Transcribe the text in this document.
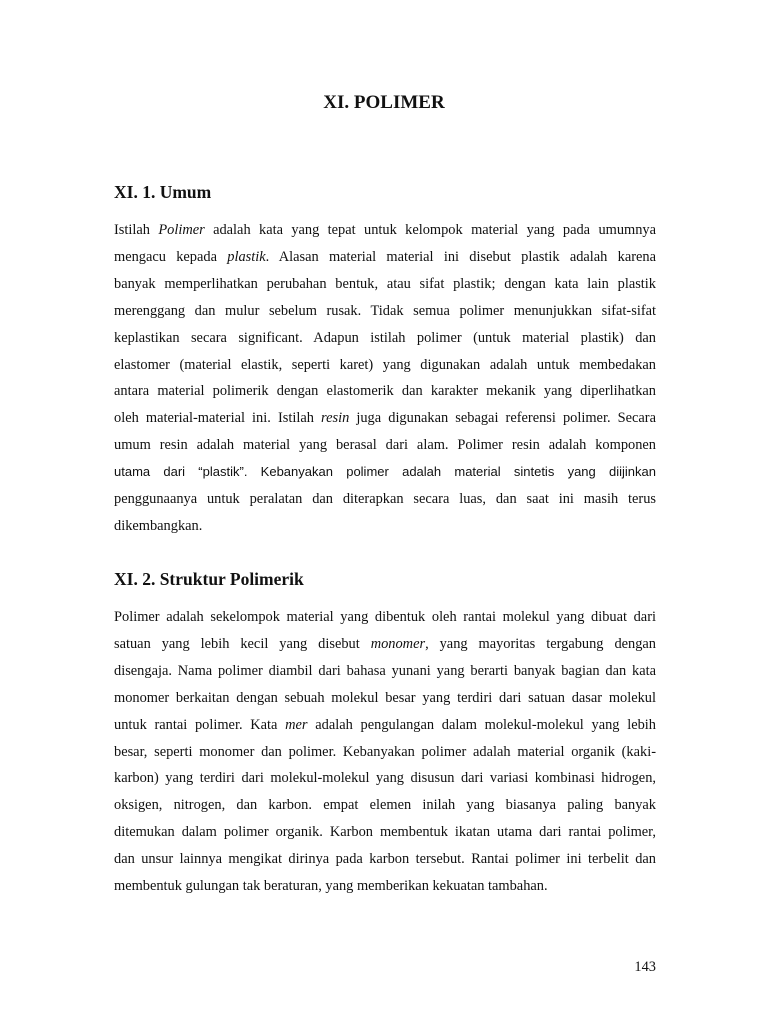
XI. POLIMER
XI. 1. Umum
Istilah Polimer adalah kata yang tepat untuk kelompok material yang pada umumnya
mengacu kepada plastik. Alasan material material ini disebut plastik adalah karena
banyak memperlihatkan perubahan bentuk, atau sifat plastik; dengan kata lain plastik
merenggang dan mulur sebelum rusak. Tidak semua polimer menunjukkan sifat-sifat
keplastikan secara significant. Adapun istilah polimer (untuk material plastik) dan
elastomer (material elastik, seperti karet) yang digunakan adalah untuk membedakan
antara material polimerik dengan elastomerik dan karakter mekanik yang diperlihatkan
oleh material-material ini. Istilah resin juga digunakan sebagai referensi polimer. Secara
umum resin adalah material yang berasal dari alam. Polimer resin adalah komponen
utama dari “plastik”. Kebanyakan polimer adalah material sintetis yang diijinkan
penggunaanya untuk peralatan dan diterapkan secara luas, dan saat ini masih terus
dikembangkan.
XI. 2. Struktur Polimerik
Polimer adalah sekelompok material yang dibentuk oleh rantai molekul yang dibuat dari
satuan yang lebih kecil yang disebut monomer, yang mayoritas tergabung dengan
disengaja. Nama polimer diambil dari bahasa yunani yang berarti banyak bagian dan kata
monomer berkaitan dengan sebuah molekul besar yang terdiri dari satuan dasar molekul
untuk rantai polimer. Kata mer adalah pengulangan dalam molekul-molekul yang lebih
besar, seperti monomer dan polimer. Kebanyakan polimer adalah material organik (kaki-
karbon) yang terdiri dari molekul-molekul yang disusun dari variasi kombinasi hidrogen,
oksigen, nitrogen, dan karbon. empat elemen inilah yang biasanya paling banyak
ditemukan dalam polimer organik. Karbon membentuk ikatan utama dari rantai polimer,
dan unsur lainnya mengikat dirinya pada karbon tersebut. Rantai polimer ini terbelit dan
membentuk gulungan tak beraturan, yang memberikan kekuatan tambahan.
143
